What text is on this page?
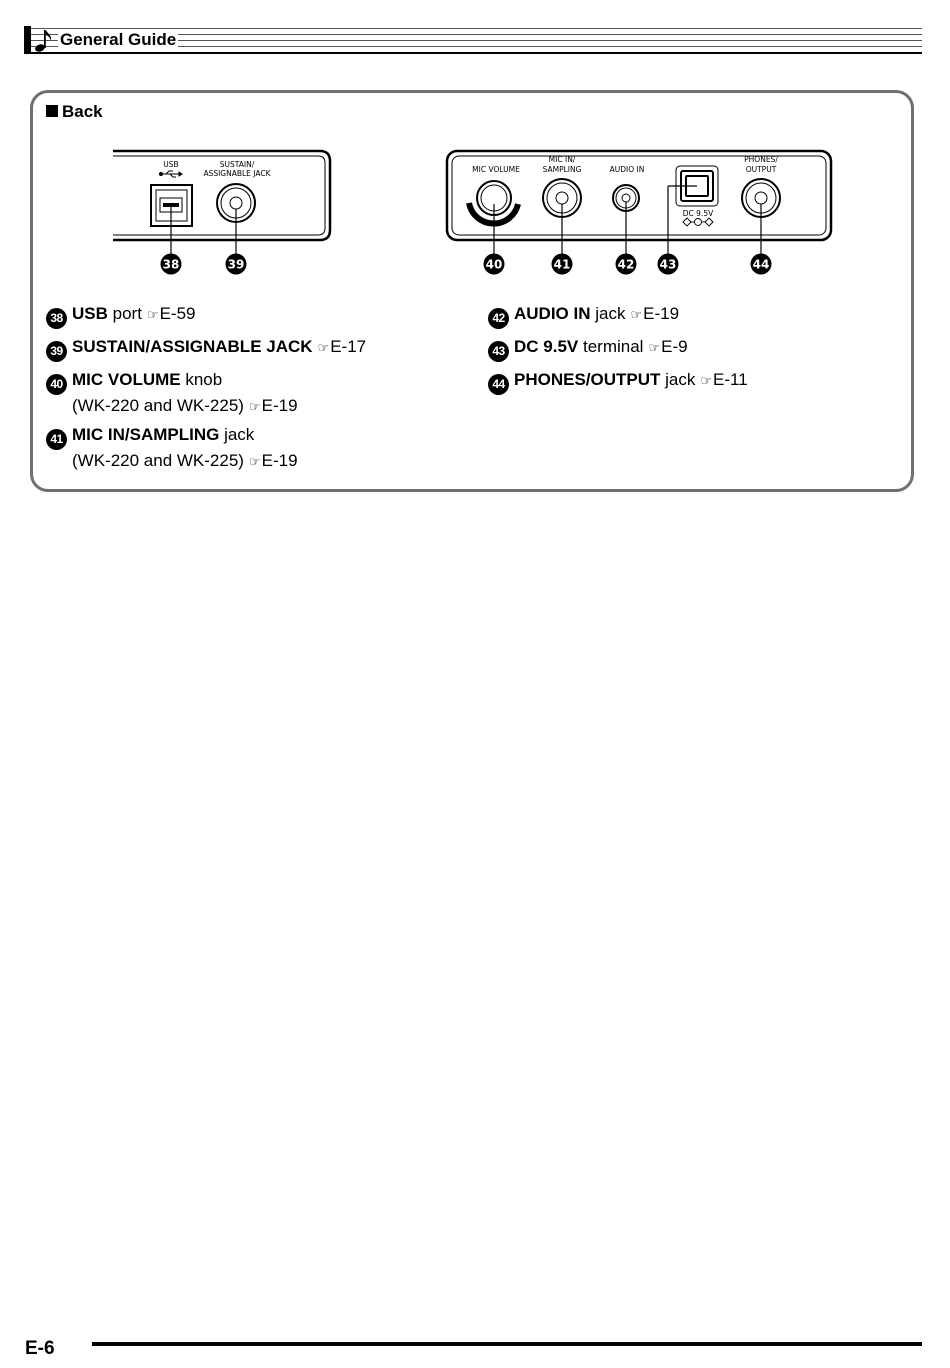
General Guide
Back
USB	SUSTAIN/
ASSIGNABLE JACK	MIC VOLUME
MIC IN/
SAMPLING	AUDIO IN
DC 9.5V
PHONES/
OUTPUT
38	39	40	41	42 43	44
38 USB port ☞E-59
39 SUSTAIN/ASSIGNABLE JACK ☞E-17
40 MIC VOLUME knob
(WK-220 and WK-225) ☞E-19
41 MIC IN/SAMPLING jack
(WK-220 and WK-225) ☞E-19
42 AUDIO IN jack ☞E-19
43 DC 9.5V terminal ☞E-9
44 PHONES/OUTPUT jack ☞E-11
E-6
